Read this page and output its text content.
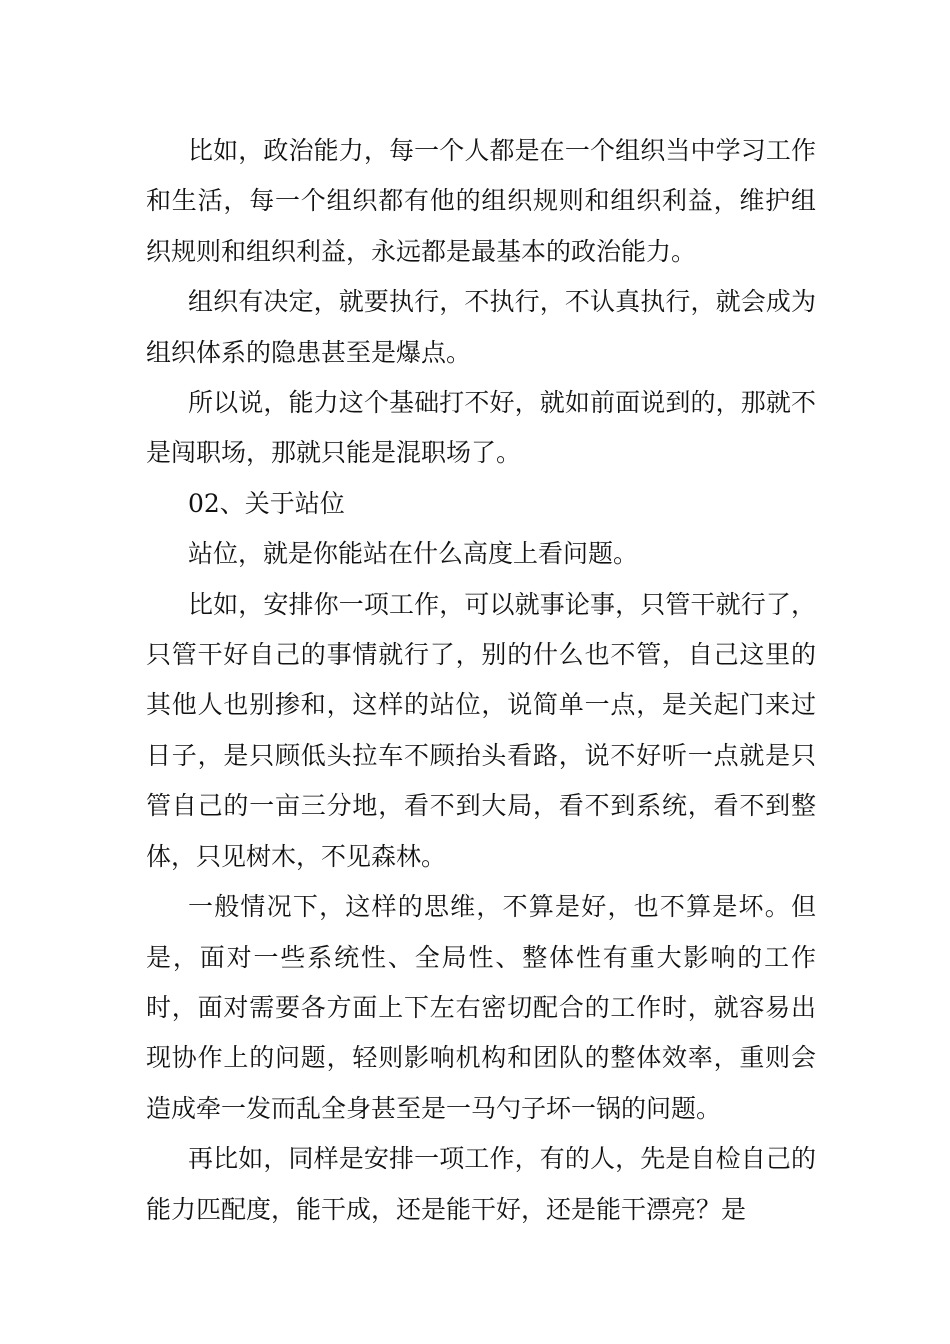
比如，政治能力，每一个人都是在一个组织当中学习工作和生活，每一个组织都有他的组织规则和组织利益，维护组织规则和组织利益，永远都是最基本的政治能力。

组织有决定，就要执行，不执行，不认真执行，就会成为组织体系的隐患甚至是爆点。

所以说，能力这个基础打不好，就如前面说到的，那就不是闯职场，那就只能是混职场了。

02、关于站位

站位，就是你能站在什么高度上看问题。

比如，安排你一项工作，可以就事论事，只管干就行了，只管干好自己的事情就行了，别的什么也不管，自己这里的其他人也别掺和，这样的站位，说简单一点，是关起门来过日子，是只顾低头拉车不顾抬头看路，说不好听一点就是只管自己的一亩三分地，看不到大局，看不到系统，看不到整体，只见树木，不见森林。

一般情况下，这样的思维，不算是好，也不算是坏。但是，面对一些系统性、全局性、整体性有重大影响的工作时，面对需要各方面上下左右密切配合的工作时，就容易出现协作上的问题，轻则影响机构和团队的整体效率，重则会造成牵一发而乱全身甚至是一马勺子坏一锅的问题。

再比如，同样是安排一项工作，有的人，先是自检自己的能力匹配度，能干成，还是能干好，还是能干漂亮？是
